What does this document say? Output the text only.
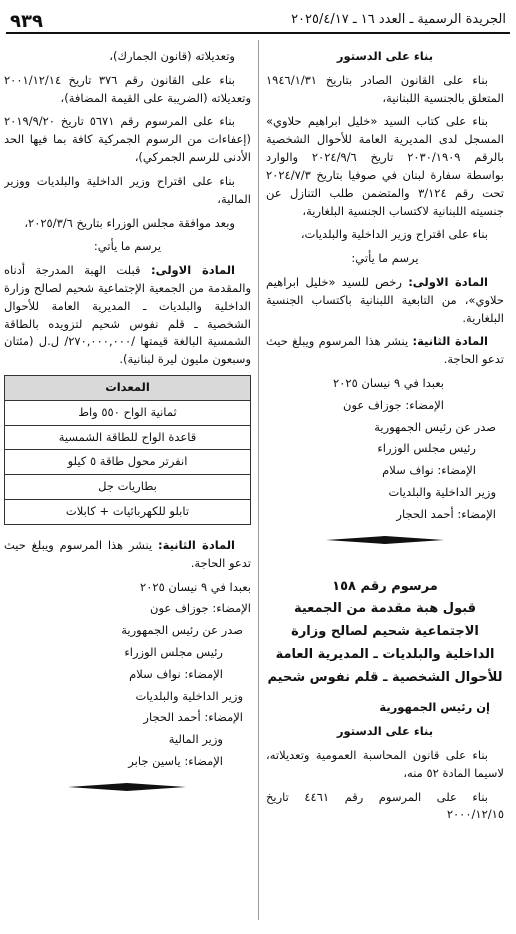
الجريدة الرسمية ـ العدد ١٦ ـ ٢٠٢٥/٤/١٧
٩٣٩

بناء على الدستور

بناء على القانون الصادر بتاريخ ١٩٤٦/١/٣١ المتعلق بالجنسية اللبنانية،

بناء على كتاب السيد «خليل ابراهيم حلاوي» المسجل لدى المديرية العامة للأحوال الشخصية بالرقم ٢٠٣٠/١٩٠٩ تاريخ ٢٠٢٤/٩/٦ والوارد بواسطة سفارة لبنان في صوفيا بتاريخ ٢٠٢٤/٧/٣ تحت رقم ٣/١٢٤ والمتضمن طلب التنازل عن جنسيته اللبنانية لاكتساب الجنسية البلغارية،

بناء على اقتراح وزير الداخلية والبلديات،

يرسم ما يأتي:

المادة الاولى: رخص للسيد «خليل ابراهيم حلاوي»، من التابعية اللبنانية باكتساب الجنسية البلغارية.

المادة الثانية: ينشر هذا المرسوم ويبلغ حيث تدعو الحاجة.

بعبدا في ٩ نيسان ٢٠٢٥

الإمضاء: جوزاف عون

صدر عن رئيس الجمهورية

رئيس مجلس الوزراء

الإمضاء: نواف سلام

وزير الداخلية والبلديات

الإمضاء: أحمد الحجار

مرسوم رقم ١٥٨
قبول هبة مقدمة من الجمعية الاجتماعية شحيم لصالح وزارة الداخلية والبلديات ـ المديرية العامة للأحوال الشخصية ـ قلم نفوس شحيم

إن رئيس الجمهورية

بناء على الدستور

بناء على قانون المحاسبة العمومية وتعديلاته، لاسيما المادة ٥٢ منه،

بناء على المرسوم رقم ٤٤٦١ تاريخ ٢٠٠٠/١٢/١٥

وتعديلاته (قانون الجمارك)،

بناء على القانون رقم ٣٧٦ تاريخ ٢٠٠١/١٢/١٤ وتعديلاته (الضريبة على القيمة المضافة)،

بناء على المرسوم رقم ٥٦٧١ تاريخ ٢٠١٩/٩/٢٠ (إعفاءات من الرسوم الجمركية كافة بما فيها الحد الأدنى للرسم الجمركي)،

بناء على اقتراح وزير الداخلية والبلديات ووزير المالية،

وبعد موافقة مجلس الوزراء بتاريخ ٢٠٢٥/٣/٦،

يرسم ما يأتي:

المادة الاولى: قبلت الهبة المدرجة أدناه والمقدمة من الجمعية الإجتماعية شحيم لصالح وزارة الداخلية والبلديات ـ المديرية العامة للأحوال الشخصية ـ قلم نفوس شحيم لتزويده بالطاقة الشمسية البالغة قيمتها /٢٧٠,٠٠٠,٠٠٠/ ل.ل (مئتان وسبعون مليون ليرة لبنانية).

المعدات
ثمانية الواح ٥٥٠ واط
قاعدة الواح للطاقة الشمسية
انفرتر محول طاقة ٥ كيلو
بطاريات جل
تابلو للكهربائيات + كابلات

المادة الثانية: ينشر هذا المرسوم ويبلغ حيث تدعو الحاجة.

بعبدا في ٩ نيسان ٢٠٢٥

الإمضاء: جوزاف عون

صدر عن رئيس الجمهورية

رئيس مجلس الوزراء

الإمضاء: نواف سلام

وزير الداخلية والبلديات

الإمضاء: أحمد الحجار

وزير المالية

الإمضاء: ياسين جابر
